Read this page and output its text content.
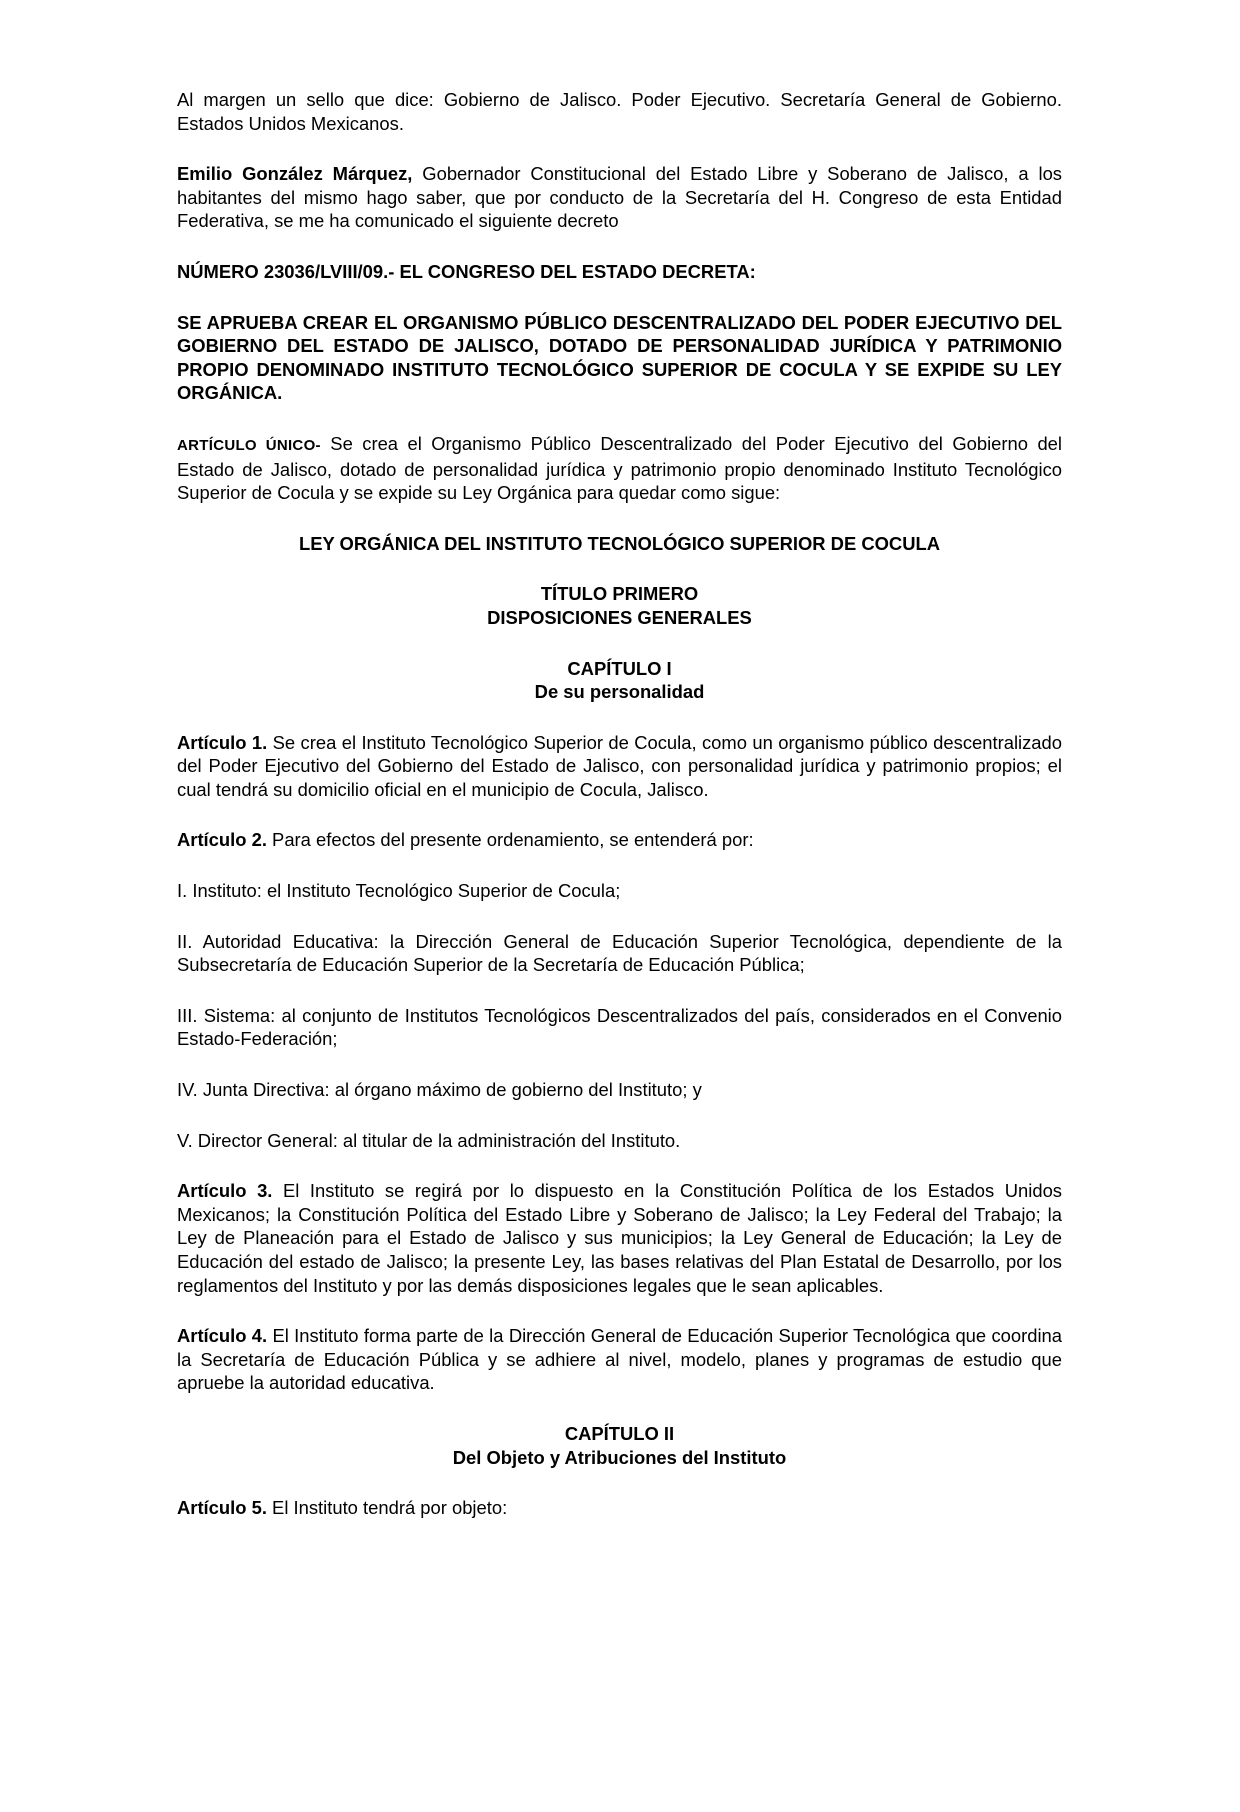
Al margen un sello que dice: Gobierno de Jalisco. Poder Ejecutivo. Secretaría General de Gobierno. Estados Unidos Mexicanos.

Emilio González Márquez, Gobernador Constitucional del Estado Libre y Soberano de Jalisco, a los habitantes del mismo hago saber, que por conducto de la Secretaría del H. Congreso de esta Entidad Federativa, se me ha comunicado el siguiente decreto

NÚMERO 23036/LVIII/09.- EL CONGRESO DEL ESTADO DECRETA:

SE APRUEBA CREAR EL ORGANISMO PÚBLICO DESCENTRALIZADO DEL PODER EJECUTIVO DEL GOBIERNO DEL ESTADO DE JALISCO, DOTADO DE PERSONALIDAD JURÍDICA Y PATRIMONIO PROPIO DENOMINADO INSTITUTO TECNOLÓGICO SUPERIOR DE COCULA Y SE EXPIDE SU LEY ORGÁNICA.

ARTÍCULO ÚNICO- Se crea el Organismo Público Descentralizado del Poder Ejecutivo del Gobierno del Estado de Jalisco, dotado de personalidad jurídica y patrimonio propio denominado Instituto Tecnológico Superior de Cocula y se expide su Ley Orgánica para quedar como sigue:

LEY ORGÁNICA DEL INSTITUTO TECNOLÓGICO SUPERIOR DE COCULA

TÍTULO PRIMERO
DISPOSICIONES GENERALES
CAPÍTULO I
De su personalidad

Artículo 1. Se crea el Instituto Tecnológico Superior de Cocula, como un organismo público descentralizado del Poder Ejecutivo del Gobierno del Estado de Jalisco, con personalidad jurídica y patrimonio propios; el cual tendrá su domicilio oficial en el municipio de Cocula, Jalisco.

Artículo 2. Para efectos del presente ordenamiento, se entenderá por:

I. Instituto: el Instituto Tecnológico Superior de Cocula;

II. Autoridad Educativa: la Dirección General de Educación Superior Tecnológica, dependiente de la Subsecretaría de Educación Superior de la Secretaría de Educación Pública;

III. Sistema: al conjunto de Institutos Tecnológicos Descentralizados del país, considerados en el Convenio Estado-Federación;

IV. Junta Directiva: al órgano máximo de gobierno del Instituto; y

V. Director General: al titular de la administración del Instituto.

Artículo 3. El Instituto se regirá por lo dispuesto en la Constitución Política de los Estados Unidos Mexicanos; la Constitución Política del Estado Libre y Soberano de Jalisco; la Ley Federal del Trabajo; la Ley de Planeación para el Estado de Jalisco y sus municipios; la Ley General de Educación; la Ley de Educación del estado de Jalisco; la presente Ley, las bases relativas del Plan Estatal de Desarrollo, por los reglamentos del Instituto y por las demás disposiciones legales que le sean aplicables.

Artículo 4. El Instituto forma parte de la Dirección General de Educación Superior Tecnológica que coordina la Secretaría de Educación Pública y se adhiere al nivel, modelo, planes y programas de estudio que apruebe la autoridad educativa.

CAPÍTULO II
Del Objeto y Atribuciones del Instituto

Artículo 5. El Instituto tendrá por objeto:
